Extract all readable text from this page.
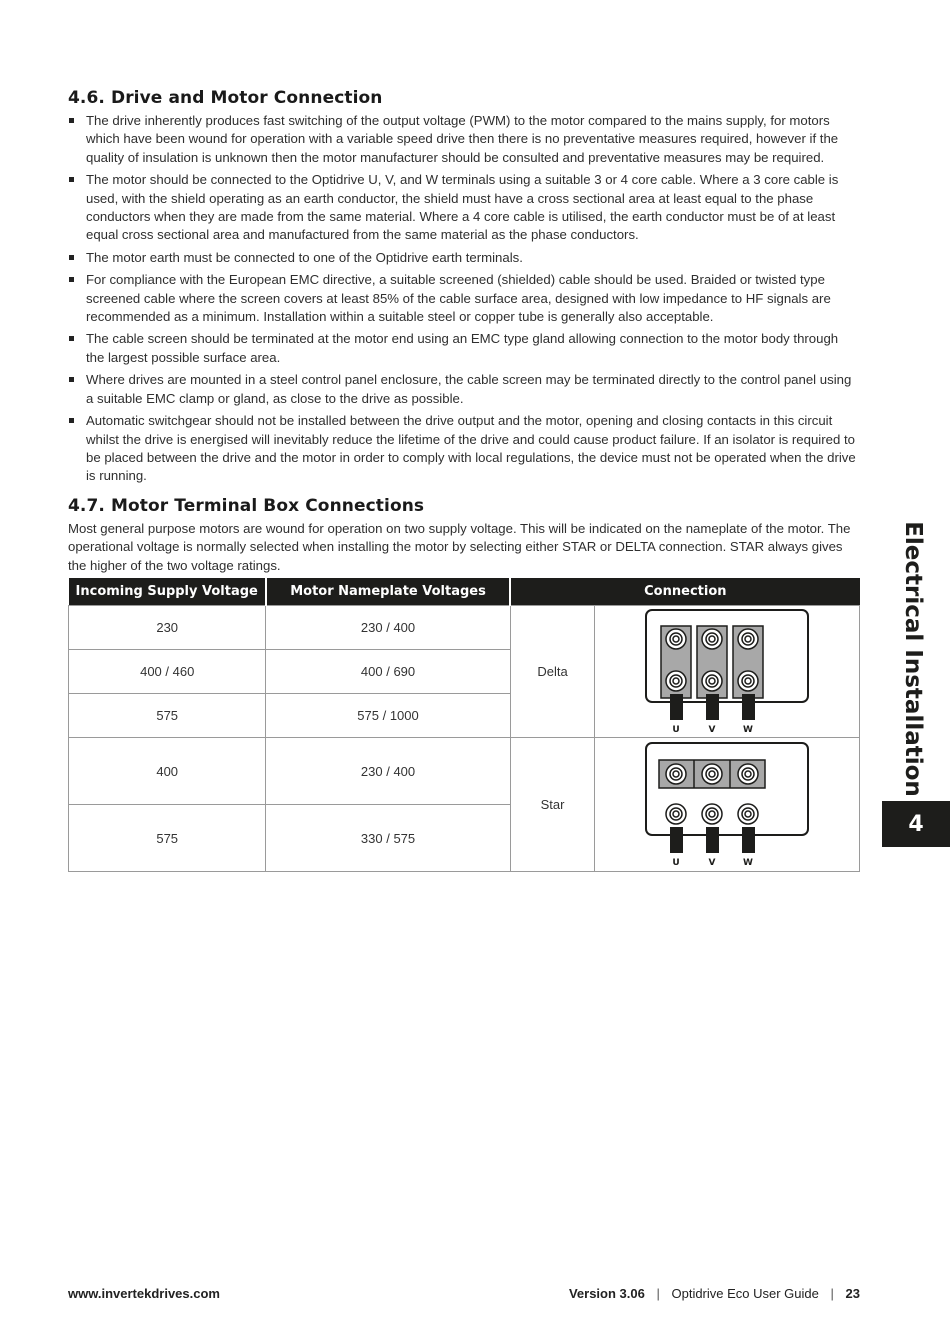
4.6. Drive and Motor Connection
The drive inherently produces fast switching of the output voltage (PWM) to the motor compared to the mains supply, for motors which have been wound for operation with a variable speed drive then there is no preventative measures required, however if the quality of insulation is unknown then the motor manufacturer should be consulted and preventative measures may be required.
The motor should be connected to the Optidrive U, V, and W terminals using a suitable 3 or 4 core cable. Where a 3 core cable is used, with the shield operating as an earth conductor, the shield must have a cross sectional area at least equal to the phase conductors when they are made from the same material. Where a 4 core cable is utilised, the earth conductor must be of at least equal cross sectional area and manufactured from the same material as the phase conductors.
The motor earth must be connected to one of the Optidrive earth terminals.
For compliance with the European EMC directive, a suitable screened (shielded) cable should be used. Braided or twisted type screened cable where the screen covers at least 85% of the cable surface area, designed with low impedance to HF signals are recommended as a minimum. Installation within a suitable steel or copper tube is generally also acceptable.
The cable screen should be terminated at the motor end using an EMC type gland allowing connection to the motor body through the largest possible surface area.
Where drives are mounted in a steel control panel enclosure, the cable screen may be terminated directly to the control panel using a suitable EMC clamp or gland, as close to the drive as possible.
Automatic switchgear should not be installed between the drive output and the motor, opening and closing contacts in this circuit whilst the drive is energised will inevitably reduce the lifetime of the drive and could cause product failure. If an isolator is required to be placed between the drive and the motor in order to comply with local regulations, the device must not be operated when the drive is running.
4.7. Motor Terminal Box Connections

Most general purpose motors are wound for operation on two supply voltage. This will be indicated on the nameplate of the motor. The operational voltage is normally selected when installing the motor by selecting either STAR or DELTA connection. STAR always gives the higher of the two voltage ratings.

Incoming Supply Voltage	Motor Nameplate Voltages	Connection	
230	230 / 400	Delta	U V W

400 / 460	400 / 690		
575	575 / 1000		
400	230 / 400	Star	U V W

575	330 / 575		
Electrical Installation
4
www.invertekdrives.com	Version 3.06 | Optidrive Eco User Guide | 23
